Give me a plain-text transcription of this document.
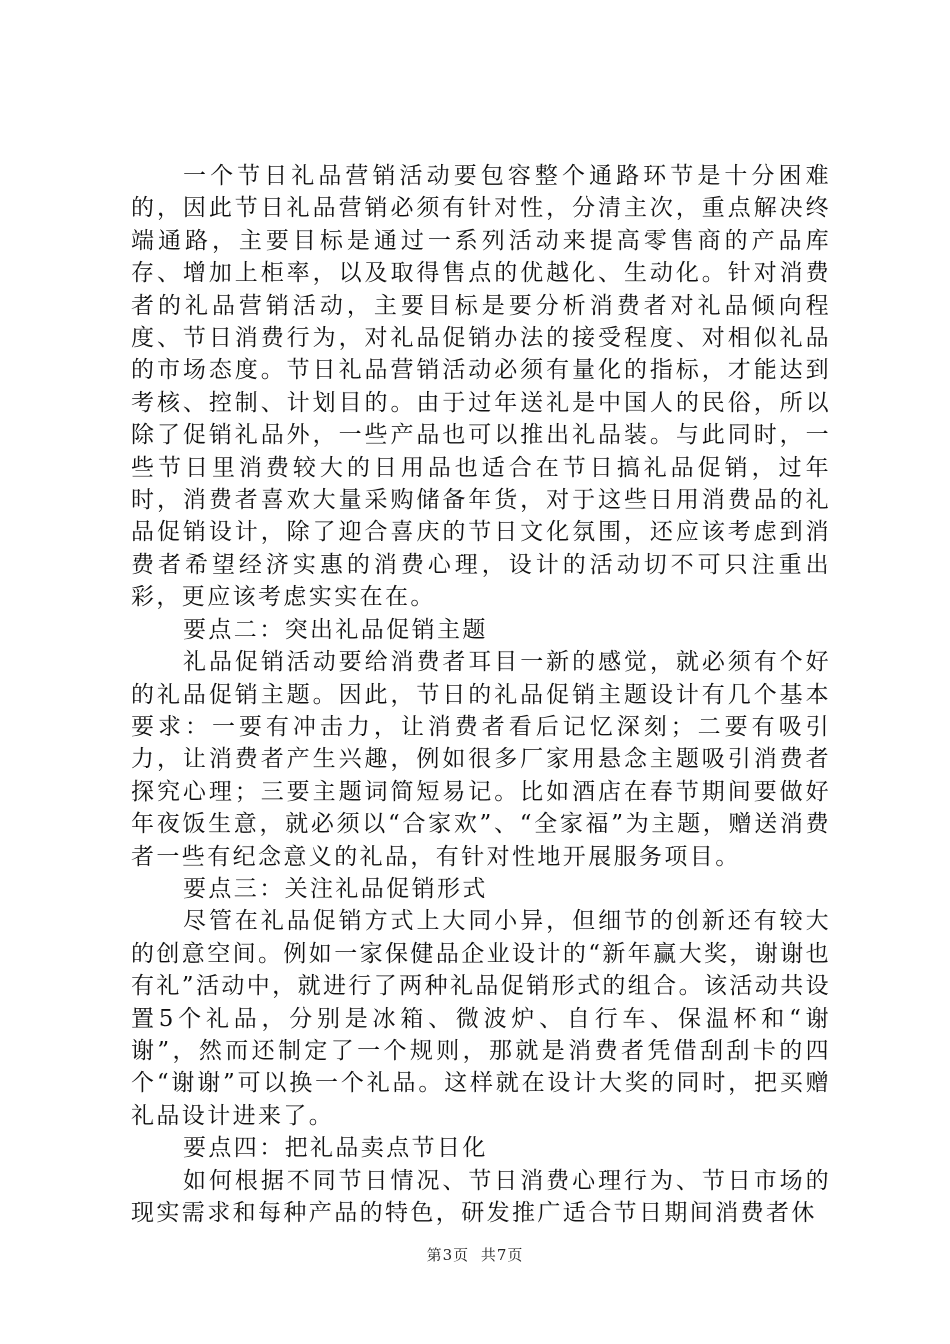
一个节日礼品营销活动要包容整个通路环节是十分困难的，因此节日礼品营销必须有针对性，分清主次，重点解决终端通路，主要目标是通过一系列活动来提高零售商的产品库存、增加上柜率，以及取得售点的优越化、生动化。针对消费者的礼品营销活动，主要目标是要分析消费者对礼品倾向程度、节日消费行为，对礼品促销办法的接受程度、对相似礼品的市场态度。节日礼品营销活动必须有量化的指标，才能达到考核、控制、计划目的。由于过年送礼是中国人的民俗，所以除了促销礼品外，一些产品也可以推出礼品装。与此同时，一些节日里消费较大的日用品也适合在节日搞礼品促销，过年时，消费者喜欢大量采购储备年货，对于这些日用消费品的礼品促销设计，除了迎合喜庆的节日文化氛围，还应该考虑到消费者希望经济实惠的消费心理，设计的活动切不可只注重出彩，更应该考虑实实在在。

要点二：突出礼品促销主题

礼品促销活动要给消费者耳目一新的感觉，就必须有个好的礼品促销主题。因此，节日的礼品促销主题设计有几个基本要求：一要有冲击力，让消费者看后记忆深刻；二要有吸引力，让消费者产生兴趣，例如很多厂家用悬念主题吸引消费者探究心理；三要主题词简短易记。比如酒店在春节期间要做好年夜饭生意，就必须以“合家欢”、“全家福”为主题，赠送消费者一些有纪念意义的礼品，有针对性地开展服务项目。

要点三：关注礼品促销形式

尽管在礼品促销方式上大同小异，但细节的创新还有较大的创意空间。例如一家保健品企业设计的“新年赢大奖，谢谢也有礼”活动中，就进行了两种礼品促销形式的组合。该活动共设置5个礼品，分别是冰箱、微波炉、自行车、保温杯和“谢谢”，然而还制定了一个规则，那就是消费者凭借刮刮卡的四个“谢谢”可以换一个礼品。这样就在设计大奖的同时，把买赠礼品设计进来了。

要点四：把礼品卖点节日化

如何根据不同节日情况、节日消费心理行为、节日市场的现实需求和每种产品的特色，研发推广适合节日期间消费者休

第3页 共7页
